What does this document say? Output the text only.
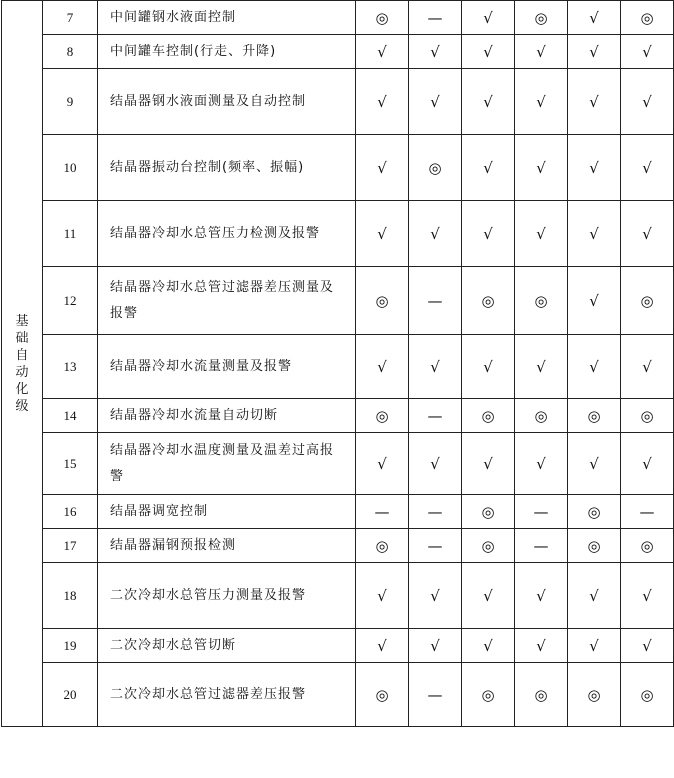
基础自动化级	7	中间罐钢水液面控制	◎	—	√	◎	√	◎
	8	中间罐车控制(行走、升降)	√	√	√	√	√	√
	9	结晶器钢水液面测量及自动控制	√	√	√	√	√	√
	10	结晶器振动台控制(频率、振幅)	√	◎	√	√	√	√
	11	结晶器冷却水总管压力检测及报警	√	√	√	√	√	√
	12	结晶器冷却水总管过滤器差压测量及报警	◎	—	◎	◎	√	◎
	13	结晶器冷却水流量测量及报警	√	√	√	√	√	√
	14	结晶器冷却水流量自动切断	◎	—	◎	◎	◎	◎
	15	结晶器冷却水温度测量及温差过高报警	√	√	√	√	√	√
	16	结晶器调宽控制	—	—	◎	—	◎	—
	17	结晶器漏钢预报检测	◎	—	◎	—	◎	◎
	18	二次冷却水总管压力测量及报警	√	√	√	√	√	√
	19	二次冷却水总管切断	√	√	√	√	√	√
	20	二次冷却水总管过滤器差压报警	◎	—	◎	◎	◎	◎
